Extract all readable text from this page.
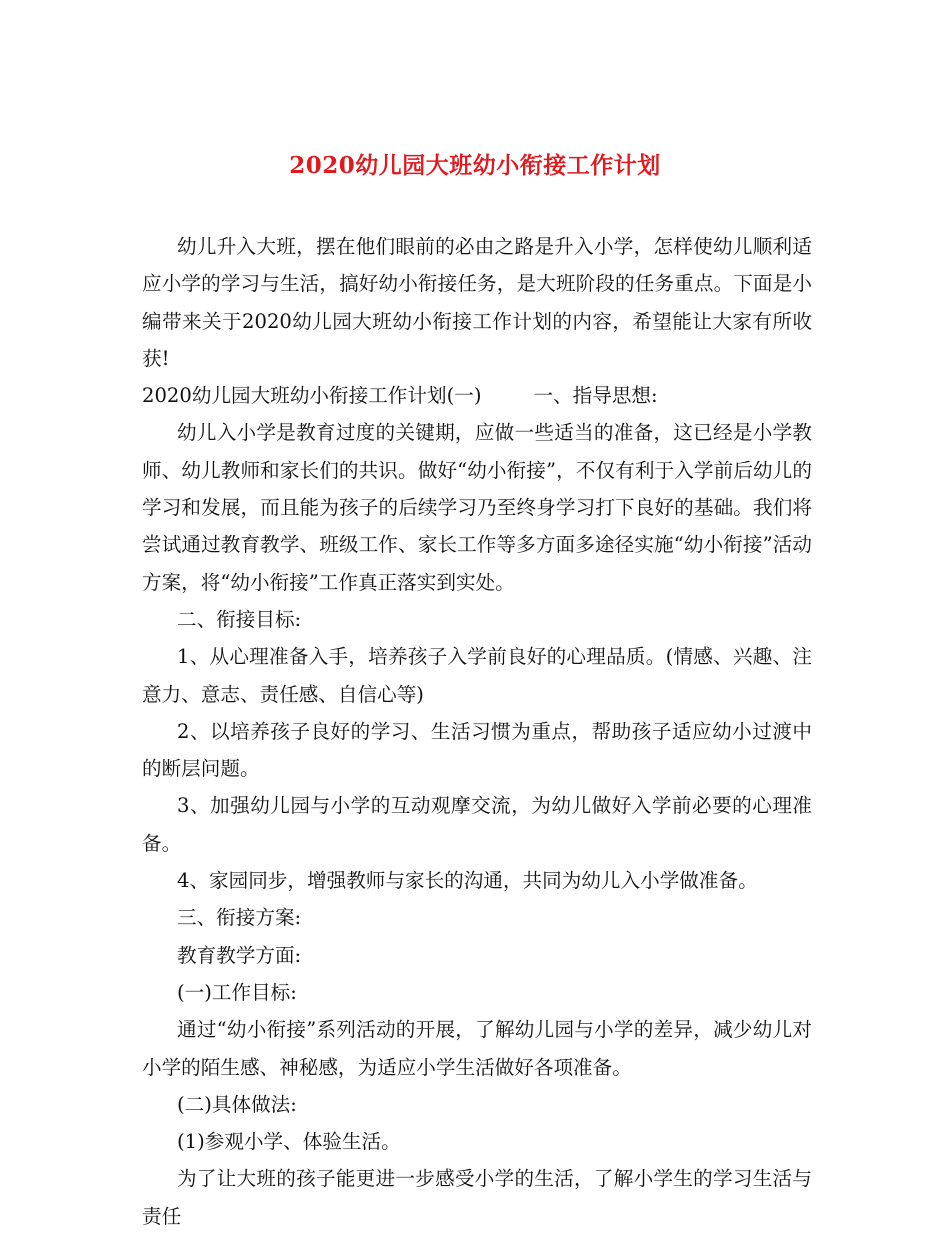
2020幼儿园大班幼小衔接工作计划

幼儿升入大班，摆在他们眼前的必由之路是升入小学，怎样使幼儿顺利适应小学的学习与生活，搞好幼小衔接任务，是大班阶段的任务重点。下面是小编带来关于2020幼儿园大班幼小衔接工作计划的内容，希望能让大家有所收获!

2020幼儿园大班幼小衔接工作计划(一)	一、指导思想:

幼儿入小学是教育过度的关键期，应做一些适当的准备，这已经是小学教师、幼儿教师和家长们的共识。做好“幼小衔接”，不仅有利于入学前后幼儿的学习和发展，而且能为孩子的后续学习乃至终身学习打下良好的基础。我们将尝试通过教育教学、班级工作、家长工作等多方面多途径实施“幼小衔接”活动方案，将“幼小衔接”工作真正落实到实处。

二、衔接目标:

1、从心理准备入手，培养孩子入学前良好的心理品质。(情感、兴趣、注意力、意志、责任感、自信心等)

2、以培养孩子良好的学习、生活习惯为重点，帮助孩子适应幼小过渡中的断层问题。

3、加强幼儿园与小学的互动观摩交流，为幼儿做好入学前必要的心理准备。

4、家园同步，增强教师与家长的沟通，共同为幼儿入小学做准备。

三、衔接方案:

教育教学方面:

(一)工作目标:

通过“幼小衔接”系列活动的开展，了解幼儿园与小学的差异，减少幼儿对小学的陌生感、神秘感，为适应小学生活做好各项准备。

(二)具体做法:

(1)参观小学、体验生活。

为了让大班的孩子能更进一步感受小学的生活，了解小学生的学习生活与责任
